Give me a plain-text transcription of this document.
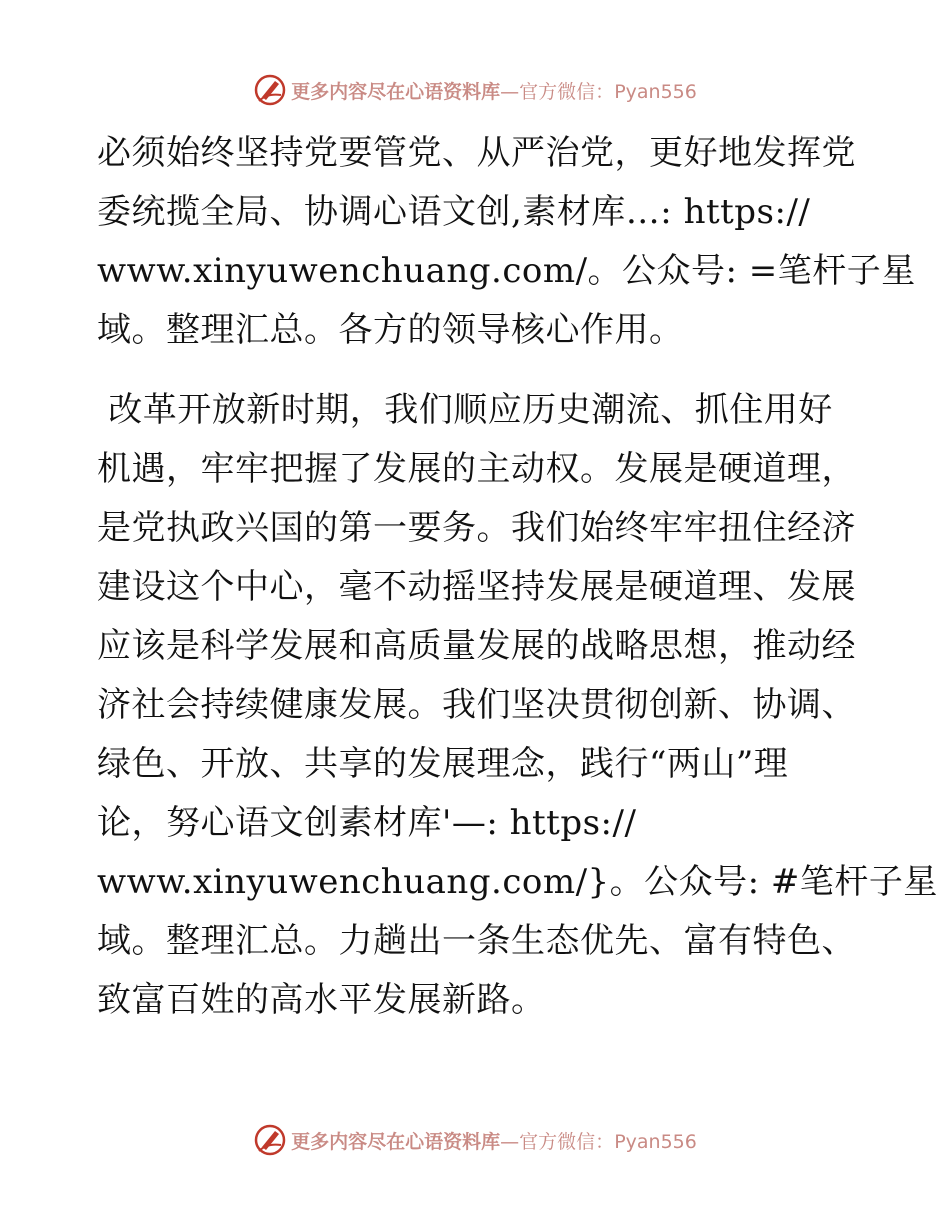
更多内容尽在心语资料库—官方微信：Pyan556
必须始终坚持党要管党、从严治党，更好地发挥党
委统揽全局、协调心语文创,素材库…: https://
www.xinyuwenchuang.com/。公众号: =笔杆子星
域。整理汇总。各方的领导核心作用。
改革开放新时期，我们顺应历史潮流、抓住用好
机遇，牢牢把握了发展的主动权。发展是硬道理，
是党执政兴国的第一要务。我们始终牢牢扭住经济
建设这个中心，毫不动摇坚持发展是硬道理、发展
应该是科学发展和高质量发展的战略思想，推动经
济社会持续健康发展。我们坚决贯彻创新、协调、
绿色、开放、共享的发展理念，践行“两山”理
论，努心语文创素材库'—: https://
www.xinyuwenchuang.com/}。公众号: #笔杆子星
域。整理汇总。力趟出一条生态优先、富有特色、
致富百姓的高水平发展新路。
更多内容尽在心语资料库—官方微信：Pyan556
